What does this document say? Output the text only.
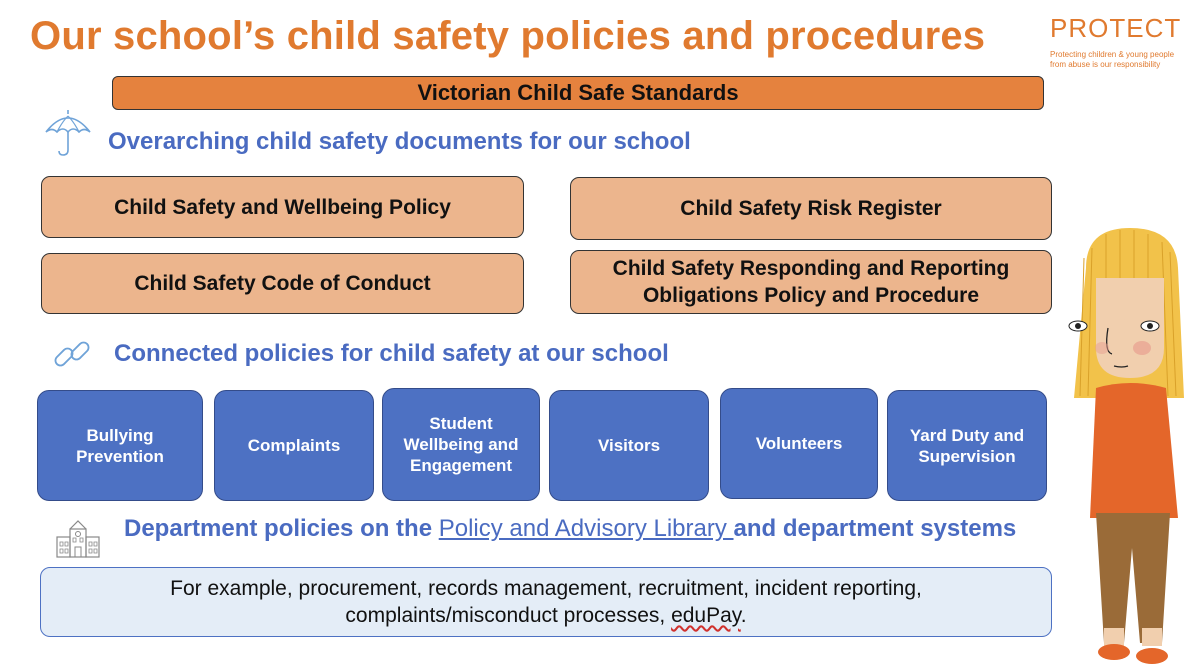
Our school’s child safety policies and procedures PROTECT
Protecting children & young people
from abuse is our responsibility
Victorian Child Safe Standards
Overarching child safety documents for our school
Child Safety and Wellbeing Policy	Child Safety Risk Register
Child Safety Code of Conduct
Child Safety Responding and Reporting Obligations Policy and Procedure
Connected policies for child safety at our school
Bullying Prevention
Complaints
Student Wellbeing and Engagement
Visitors	Volunteers	Yard Duty and Supervision
Department policies on the Policy and Advisory Library and department systems
For example, procurement, records management, recruitment, incident reporting,
complaints/misconduct processes, eduPay.
